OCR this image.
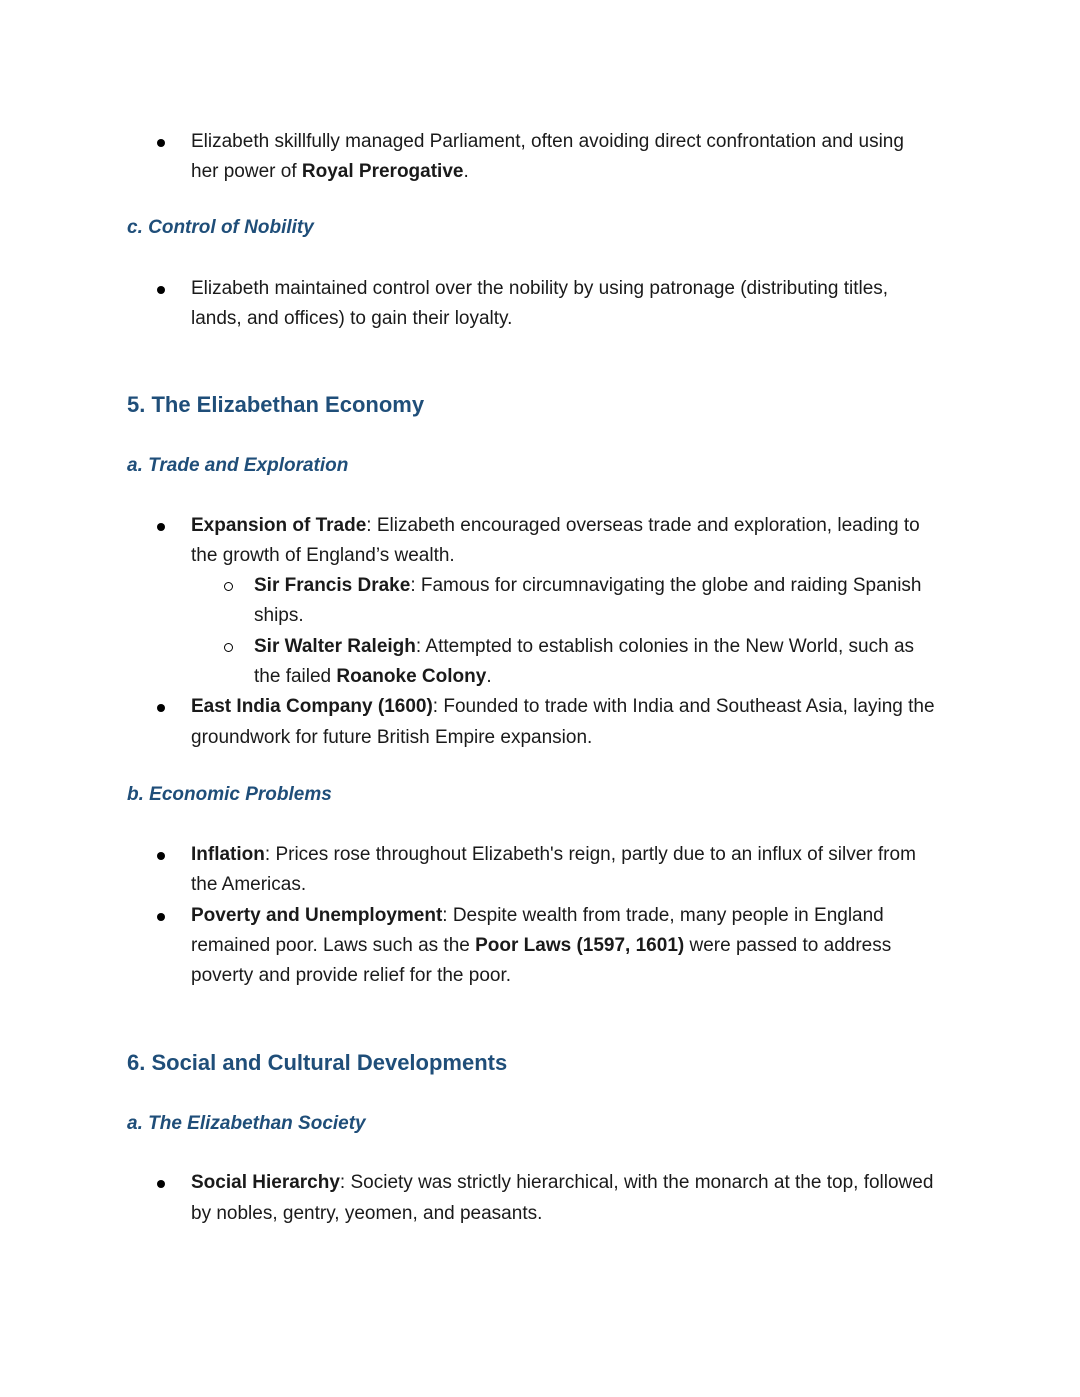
Elizabeth skillfully managed Parliament, often avoiding direct confrontation and using
her power of Royal Prerogative.
c. Control of Nobility
Elizabeth maintained control over the nobility by using patronage (distributing titles,
lands, and offices) to gain their loyalty.
5. The Elizabethan Economy
a. Trade and Exploration
Expansion of Trade: Elizabeth encouraged overseas trade and exploration, leading to
the growth of England’s wealth.
Sir Francis Drake: Famous for circumnavigating the globe and raiding Spanish
ships.
Sir Walter Raleigh: Attempted to establish colonies in the New World, such as
the failed Roanoke Colony.
East India Company (1600): Founded to trade with India and Southeast Asia, laying the
groundwork for future British Empire expansion.
b. Economic Problems
Inflation: Prices rose throughout Elizabeth's reign, partly due to an influx of silver from
the Americas.
Poverty and Unemployment: Despite wealth from trade, many people in England
remained poor. Laws such as the Poor Laws (1597, 1601) were passed to address
poverty and provide relief for the poor.
6. Social and Cultural Developments
a. The Elizabethan Society
Social Hierarchy: Society was strictly hierarchical, with the monarch at the top, followed
by nobles, gentry, yeomen, and peasants.
